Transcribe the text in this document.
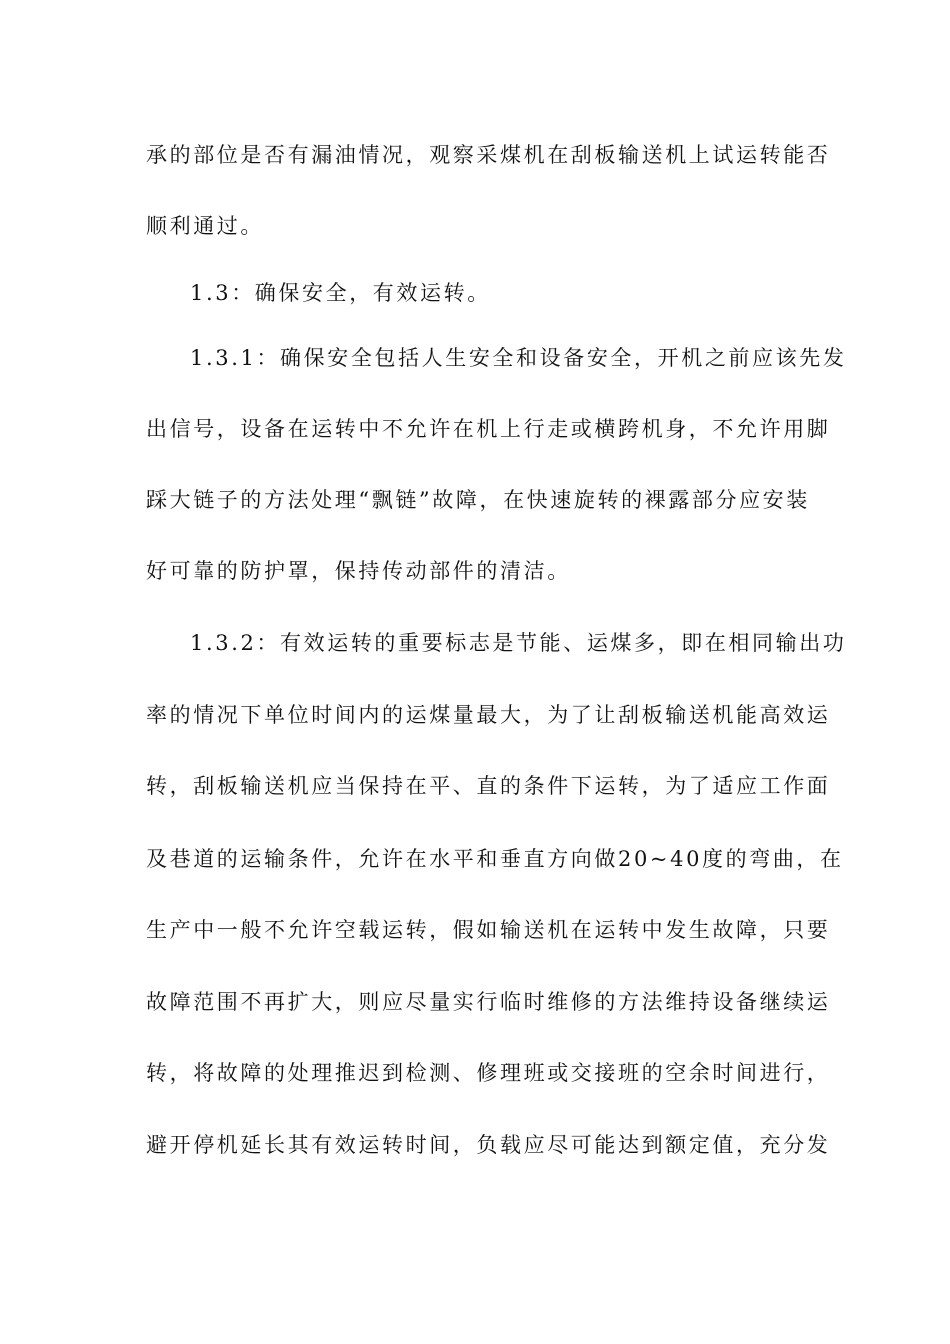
承的部位是否有漏油情况，观察采煤机在刮板输送机上试运转能否
顺利通过。
1.3：确保安全，有效运转。
1.3.1：确保安全包括人生安全和设备安全，开机之前应该先发
出信号，设备在运转中不允许在机上行走或横跨机身，不允许用脚
踩大链子的方法处理“飘链”故障，在快速旋转的裸露部分应安装
好可靠的防护罩，保持传动部件的清洁。
1.3.2：有效运转的重要标志是节能、运煤多，即在相同输出功
率的情况下单位时间内的运煤量最大，为了让刮板输送机能高效运
转，刮板输送机应当保持在平、直的条件下运转，为了适应工作面
及巷道的运输条件，允许在水平和垂直方向做20~40度的弯曲，在
生产中一般不允许空载运转，假如输送机在运转中发生故障，只要
故障范围不再扩大，则应尽量实行临时维修的方法维持设备继续运
转，将故障的处理推迟到检测、修理班或交接班的空余时间进行，
避开停机延长其有效运转时间，负载应尽可能达到额定值，充分发
